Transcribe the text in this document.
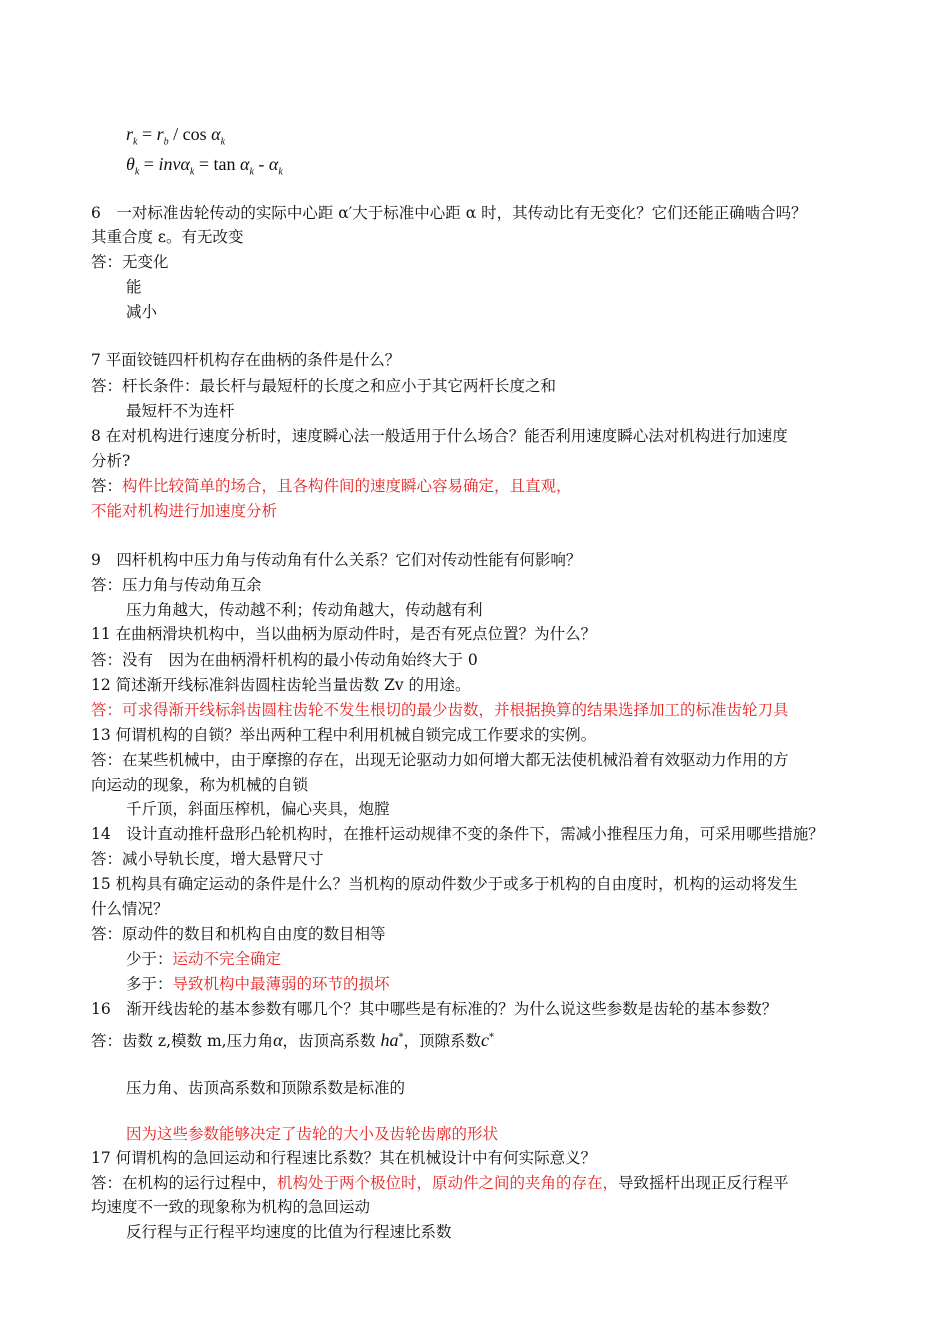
$r_k = r_b / \cos \alpha_k$
$\theta_k = inv\alpha_k = \tan \alpha_k - \alpha_k$
6　一对标准齿轮传动的实际中心距 α′大于标准中心距 α 时，其传动比有无变化？它们还能正确啮合吗？
其重合度 ε。有无改变
答：无变化
能
减小
7 平面铰链四杆机构存在曲柄的条件是什么？
答：杆长条件：最长杆与最短杆的长度之和应小于其它两杆长度之和
最短杆不为连杆
8 在对机构进行速度分析时，速度瞬心法一般适用于什么场合？能否利用速度瞬心法对机构进行加速度
分析?
答：构件比较简单的场合，且各构件间的速度瞬心容易确定，且直观，
不能对机构进行加速度分析
9　四杆机构中压力角与传动角有什么关系？它们对传动性能有何影响？
答：压力角与传动角互余
压力角越大，传动越不利；传动角越大，传动越有利
11 在曲柄滑块机构中，当以曲柄为原动件时，是否有死点位置？为什么？
答：没有　因为在曲柄滑杆机构的最小传动角始终大于 0
12 简述渐开线标准斜齿圆柱齿轮当量齿数 Zv 的用途。
答：可求得渐开线标斜齿圆柱齿轮不发生根切的最少齿数，并根据换算的结果选择加工的标准齿轮刀具
13 何谓机构的自锁？举出两种工程中利用机械自锁完成工作要求的实例。
答：在某些机械中，由于摩擦的存在，出现无论驱动力如何增大都无法使机械沿着有效驱动力作用的方
向运动的现象，称为机械的自锁
千斤顶，斜面压榨机，偏心夹具，炮膛
14　设计直动推杆盘形凸轮机构时，在推杆运动规律不变的条件下，需减小推程压力角，可采用哪些措施？
答：减小导轨长度，增大悬臂尺寸
15 机构具有确定运动的条件是什么？当机构的原动件数少于或多于机构的自由度时，机构的运动将发生
什么情况？
答：原动件的数目和机构自由度的数目相等
少于：运动不完全确定
多于：导致机构中最薄弱的环节的损坏
16　渐开线齿轮的基本参数有哪几个？其中哪些是有标准的？为什么说这些参数是齿轮的基本参数？
答：齿数 z,模数 m,压力角α，齿顶高系数 ha*，顶隙系数c*
压力角、齿顶高系数和顶隙系数是标准的
因为这些参数能够决定了齿轮的大小及齿轮齿廓的形状
17 何谓机构的急回运动和行程速比系数？其在机械设计中有何实际意义？
答：在机构的运行过程中，机构处于两个极位时，原动件之间的夹角的存在，导致摇杆出现正反行程平
均速度不一致的现象称为机构的急回运动
反行程与正行程平均速度的比值为行程速比系数
